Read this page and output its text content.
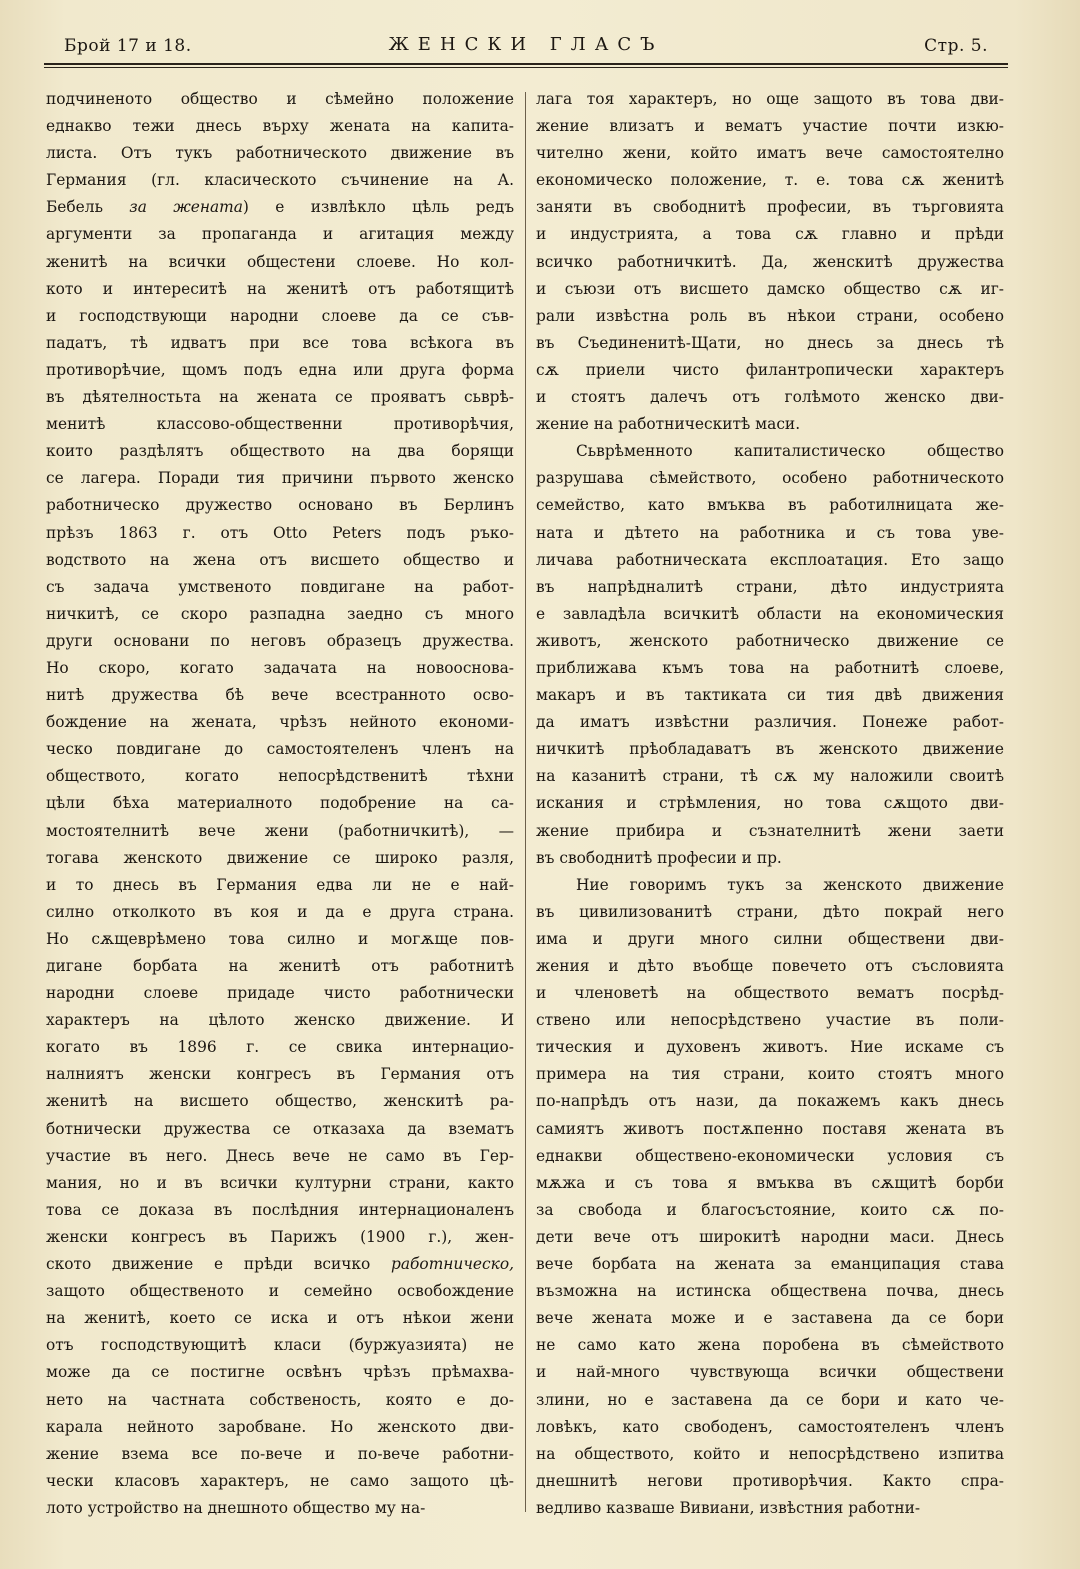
Брой 17 и 18.	ЖЕНСКИ ГЛАСЪ	Стр. 5.
подчиненото общество и сѣмейно положение
еднакво тежи днесь върху жената на капита-
листа. Отъ тукъ работническото движение въ
Германия (гл. класическото съчинение на А.
Бебель за жената) е извлѣкло цѣль редъ
аргументи за пропаганда и агитация между
женитѣ на всички общестени слоеве. Но кол-
кото и интереситѣ на женитѣ отъ работящитѣ
и господствующи народни слоеве да се съв-
падатъ, тѣ идватъ при все това всѣкога въ
противорѣчие, щомъ подъ една или друга форма
въ дѣятелностьта на жената се прояватъ сьврѣ-
менитѣ классово-общественни противорѣчия,
които раздѣлятъ обществото на два борящи
се лагера. Поради тия причини първото женско
работническо дружество основано въ Берлинъ
прѣзъ 1863 г. отъ Otto Peters подъ ръко-
водството на жена отъ висшето общество и
съ задача умственото повдигане на работ-
ничкитѣ, се скоро разпадна заедно съ много
други основани по неговъ образецъ дружества.
Но скоро, когато задачата на новооснова-
нитѣ дружества бѣ вече всестранното осво-
бождение на жената, чрѣзъ нейното економи-
ческо повдигане до самостоятеленъ членъ на
обществото, когато непосрѣдственитѣ тѣхни
цѣли бѣха материалното подобрение на са-
мостоятелнитѣ вече жени (работничкитѣ), —
тогава женското движение се широко разля,
и то днесь въ Германия едва ли не е най-
силно отколкото въ коя и да е друга страна.
Но сѫщеврѣмено това силно и могѫще пов-
дигане борбата на женитѣ отъ работнитѣ
народни слоеве придаде чисто работнически
характеръ на цѣлото женско движение. И
когато въ 1896 г. се свика интернацио-
налниятъ женски конгресъ въ Германия отъ
женитѣ на висшето общество, женскитѣ ра-
ботнически дружества се отказаха да взематъ
участие въ него. Днесь вече не само въ Гер-
мания, но и въ всички културни страни, както
това се доказа въ послѣдния интернационаленъ
женски конгресъ въ Парижъ (1900 г.), жен-
ското движение е прѣди всичко работническо,
защото общественото и семейно освобождение
на женитѣ, което се иска и отъ нѣкои жени
отъ господствующитѣ класи (буржуазията) не
може да се постигне освѣнъ чрѣзъ прѣмахва-
нето на частната собственость, която е до-
карала нейното заробване. Но женското дви-
жение взема все по-вече и по-вече работни-
чески класовъ характеръ, не само защото цѣ-
лото устройство на днешното общество му на-
лага тоя характеръ, но още защото въ това дви-
жение влизатъ и вематъ участие почти изкю-
чително жени, който иматъ вече самостоятелно
економическо положение, т. е. това сѫ женитѣ
заняти въ свободнитѣ професии, въ търговията
и индустрията, а това сѫ главно и прѣди
всичко работничкитѣ. Да, женскитѣ дружества
и съюзи отъ висшето дамско общество сѫ иг-
рали извѣстна роль въ нѣкои страни, особено
въ Съединенитѣ-Щати, но днесь за днесь тѣ
сѫ приели чисто филантропически характеръ
и стоятъ далечъ отъ голѣмото женско дви-
жение на работническитѣ маси.
Сьврѣменното капиталистическо общество
разрушава сѣмейството, особено работническото
семейство, като вмъква въ работилницата же-
ната и дѣтето на работника и съ това уве-
личава работническата експлоатация. Ето защо
въ напрѣдналитѣ страни, дѣто индустрията
е завладѣла всичкитѣ области на економическия
животъ, женското работническо движение се
приближава къмъ това на работнитѣ слоеве,
макаръ и въ тактиката си тия двѣ движения
да иматъ извѣстни различия. Понеже работ-
ничкитѣ прѣобладаватъ въ женското движение
на казанитѣ страни, тѣ сѫ му наложили своитѣ
искания и стрѣмления, но това сѫщото дви-
жение прибира и съзнателнитѣ жени заети
въ свободнитѣ професии и пр.
Ние говоримъ тукъ за женското движение
въ цивилизованитѣ страни, дѣто покрай него
има и други много силни обществени дви-
жения и дѣто въобще повечето отъ съсловията
и членоветѣ на обществото вематъ посрѣд-
ствено или непосрѣдствено участие въ поли-
тическия и духовенъ животъ. Ние искаме съ
примера на тия страни, които стоятъ много
по-напрѣдъ отъ нази, да покажемъ какъ днесь
самиятъ животъ постѫпенно поставя жената въ
еднакви обществено-економически условия съ
мѫжа и съ това я вмъква въ сѫщитѣ борби
за свобода и благосъстояние, които сѫ по-
дети вече отъ широкитѣ народни маси. Днесь
вече борбата на жената за еманципация става
възможна на истинска обществена почва, днесь
вече жената може и е заставена да се бори
не само като жена поробена въ сѣмейството
и най-много чувствующа всички обществени
злини, но е заставена да се бори и като че-
ловѣкъ, като свободенъ, самостоятеленъ членъ
на обществото, който и непосрѣдствено изпитва
днешнитѣ негови противорѣчия. Както спра-
ведливо казваше Вивиани, извѣстния работни-
